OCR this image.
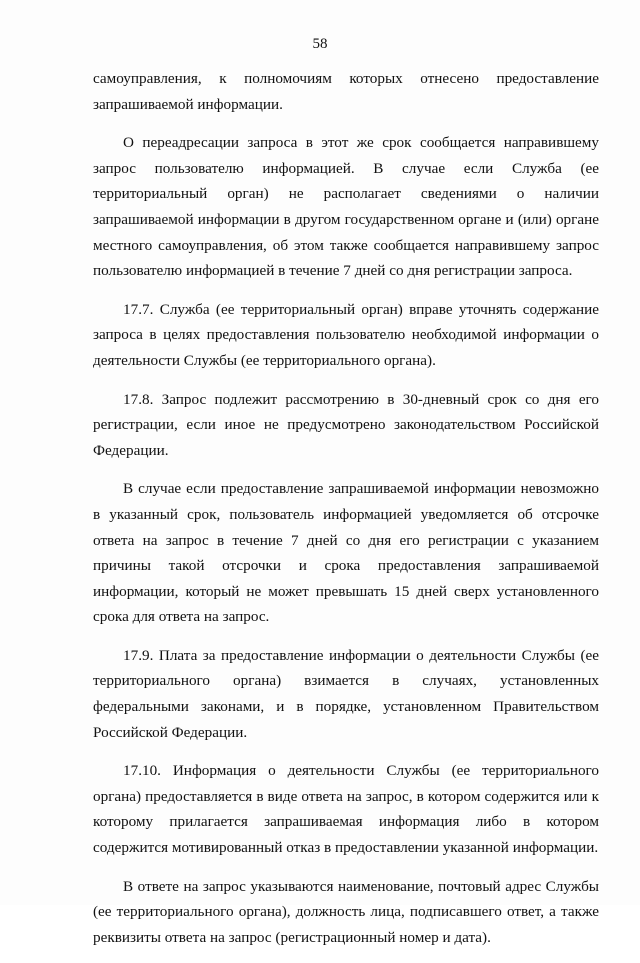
58

самоуправления, к полномочиям которых отнесено предоставление запрашиваемой информации.

О переадресации запроса в этот же срок сообщается направившему запрос пользователю информацией. В случае если Служба (ее территориальный орган) не располагает сведениями о наличии запрашиваемой информации в другом государственном органе и (или) органе местного самоуправления, об этом также сообщается направившему запрос пользователю информацией в течение 7 дней со дня регистрации запроса.

17.7. Служба (ее территориальный орган) вправе уточнять содержание запроса в целях предоставления пользователю необходимой информации о деятельности Службы (ее территориального органа).

17.8. Запрос подлежит рассмотрению в 30-дневный срок со дня его регистрации, если иное не предусмотрено законодательством Российской Федерации.

В случае если предоставление запрашиваемой информации невозможно в указанный срок, пользователь информацией уведомляется об отсрочке ответа на запрос в течение 7 дней со дня его регистрации с указанием причины такой отсрочки и срока предоставления запрашиваемой информации, который не может превышать 15 дней сверх установленного срока для ответа на запрос.

17.9. Плата за предоставление информации о деятельности Службы (ее территориального органа) взимается в случаях, установленных федеральными законами, и в порядке, установленном Правительством Российской Федерации.

17.10. Информация о деятельности Службы (ее территориального органа) предоставляется в виде ответа на запрос, в котором содержится или к которому прилагается запрашиваемая информация либо в котором содержится мотивированный отказ в предоставлении указанной информации.

В ответе на запрос указываются наименование, почтовый адрес Службы (ее территориального органа), должность лица, подписавшего ответ, а также реквизиты ответа на запрос (регистрационный номер и дата).
